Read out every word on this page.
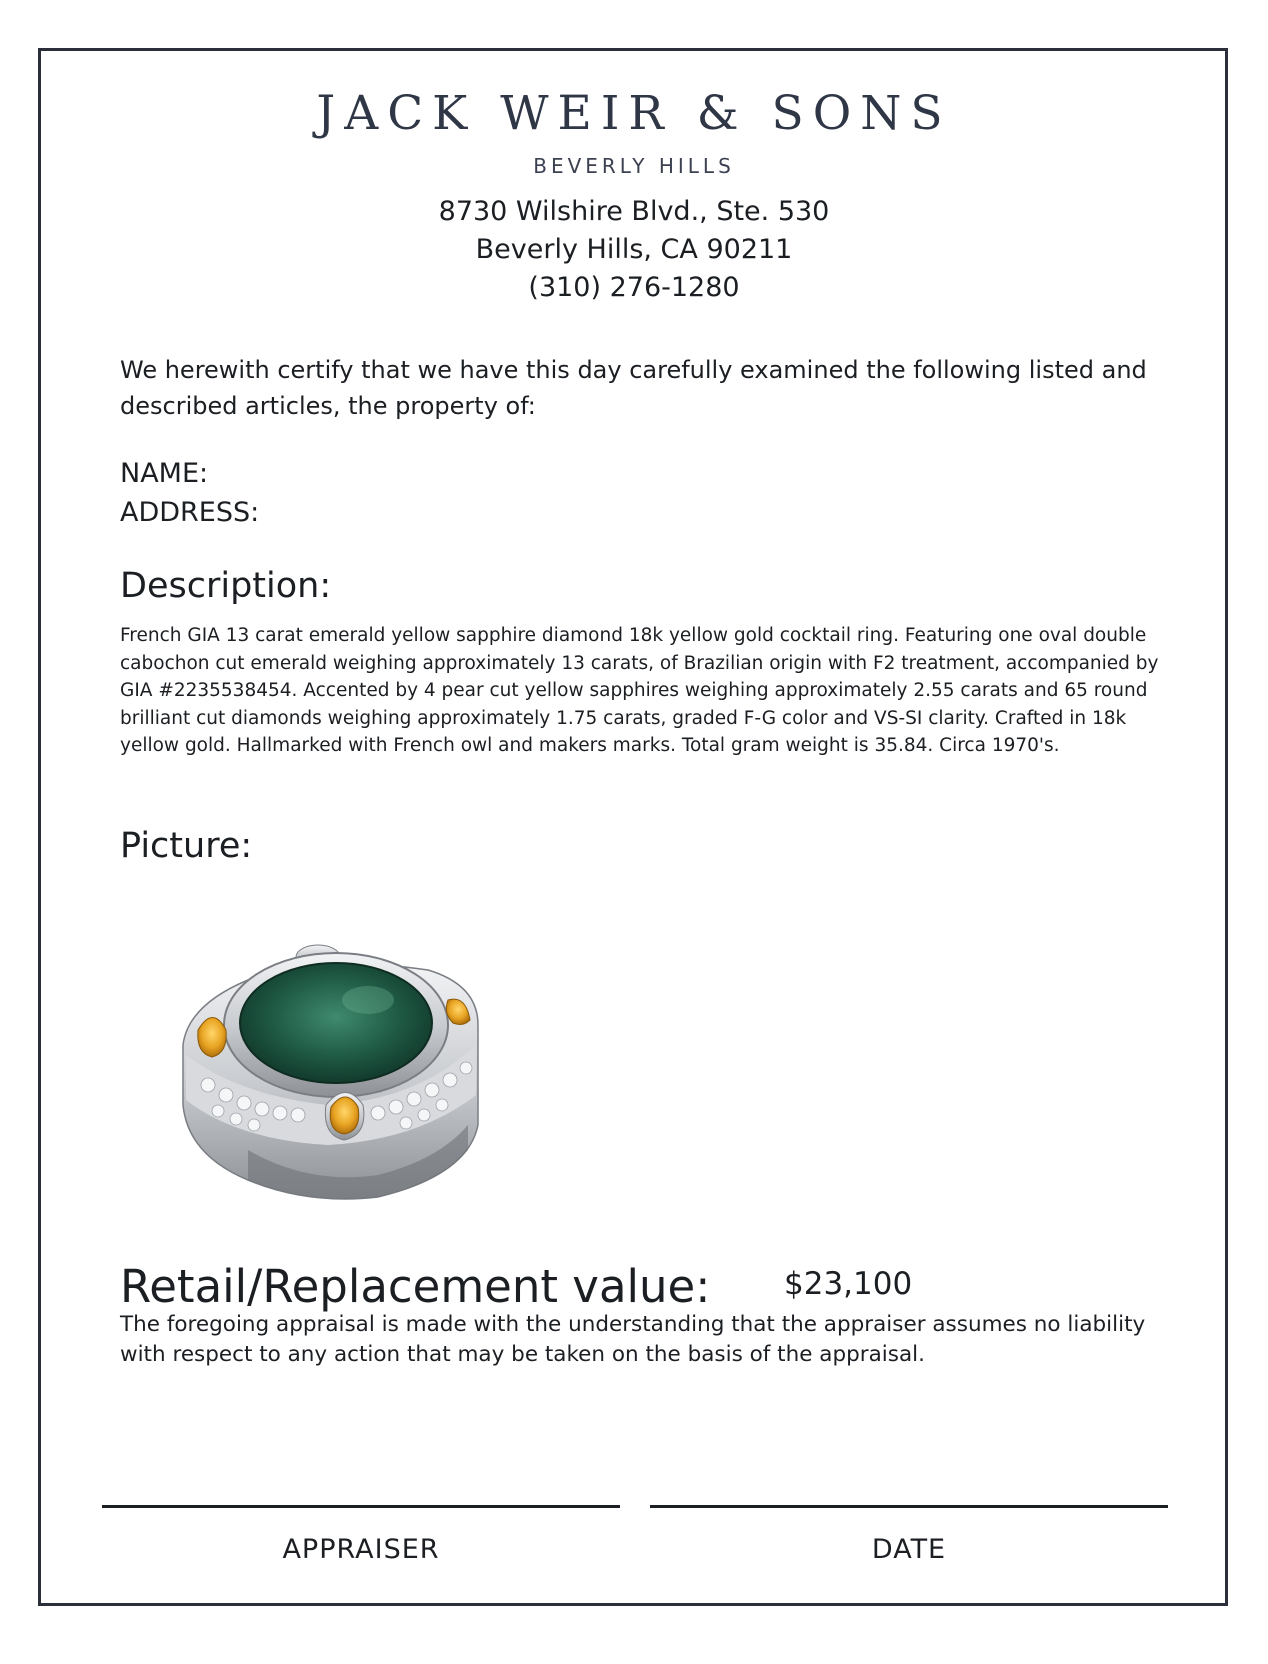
JACK WEIR & SONS
BEVERLY HILLS
8730 Wilshire Blvd., Ste. 530
Beverly Hills, CA 90211
(310) 276-1280
We herewith certify that we have this day carefully examined the following listed and described articles, the property of:
NAME:
ADDRESS:
Description:
French GIA 13 carat emerald yellow sapphire diamond 18k yellow gold cocktail ring. Featuring one oval double cabochon cut emerald weighing approximately 13 carats, of Brazilian origin with F2 treatment, accompanied by GIA #2235538454. Accented by 4 pear cut yellow sapphires weighing approximately 2.55 carats and 65 round brilliant cut diamonds weighing approximately 1.75 carats, graded F-G color and VS-SI clarity. Crafted in 18k yellow gold. Hallmarked with French owl and makers marks. Total gram weight is 35.84. Circa 1970's.
Picture:
Retail/Replacement value: $23,100
The foregoing appraisal is made with the understanding that the appraiser assumes no liability with respect to any action that may be taken on the basis of the appraisal.
APPRAISER	DATE
